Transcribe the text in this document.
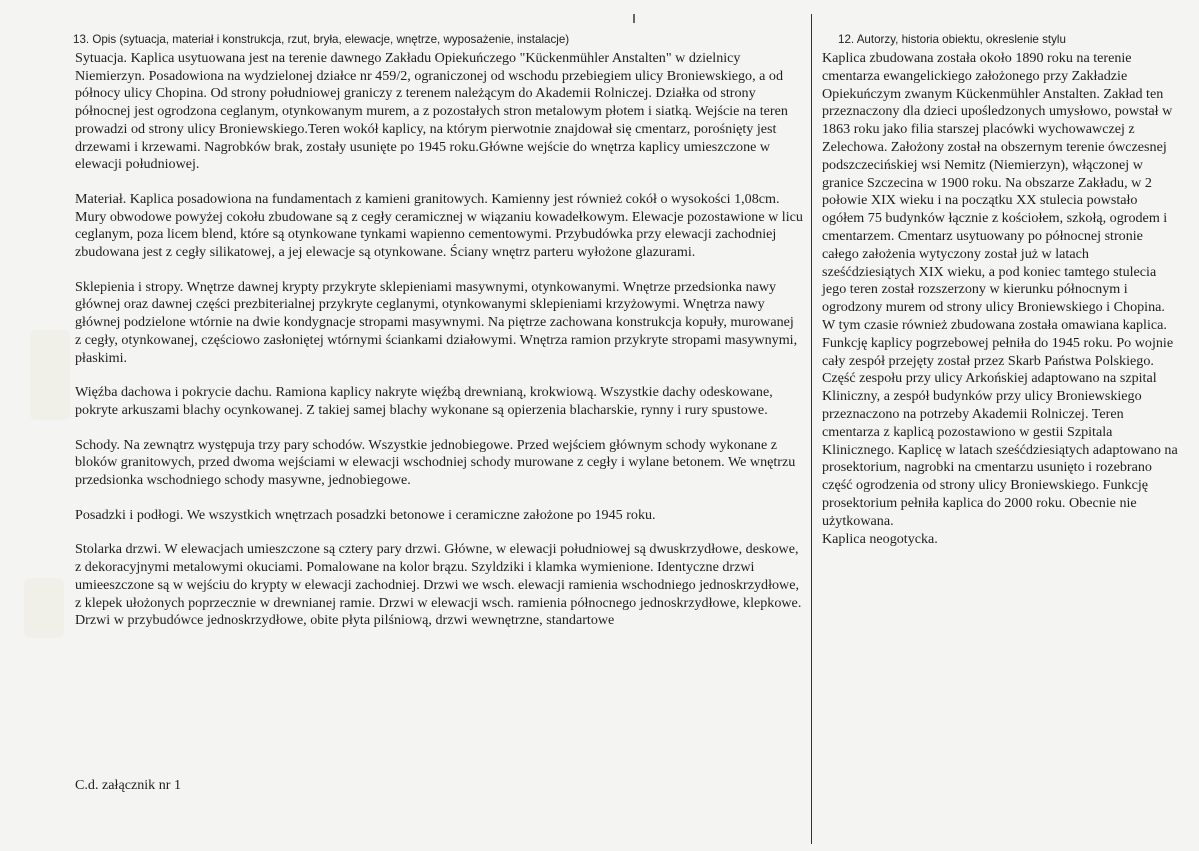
13. Opis (sytuacja, materiał i konstrukcja, rzut, bryła, elewacje, wnętrze, wyposażenie, instalacje)

Sytuacja. Kaplica usytuowana jest na terenie dawnego Zakładu Opiekuńczego "Kückenmühler Anstalten" w dzielnicy Niemierzyn. Posadowiona na wydzielonej działce nr 459/2, ograniczonej od wschodu przebiegiem ulicy Broniewskiego, a od północy ulicy Chopina. Od strony południowej graniczy z terenem należącym do Akademii Rolniczej. Działka od strony północnej jest ogrodzona ceglanym, otynkowanym murem, a z pozostałych stron metalowym płotem i siatką. Wejście na teren prowadzi od strony ulicy Broniewskiego.Teren wokół kaplicy, na którym pierwotnie znajdował się cmentarz, porośnięty jest drzewami i krzewami. Nagrobków brak, zostały usunięte po 1945 roku.Główne wejście do wnętrza kaplicy umieszczone w elewacji południowej.

Materiał. Kaplica posadowiona na fundamentach z kamieni granitowych. Kamienny jest również cokół o wysokości 1,08cm. Mury obwodowe powyżej cokołu zbudowane są z cegły ceramicznej w wiązaniu kowadełkowym. Elewacje pozostawione w licu ceglanym, poza licem blend, które są otynkowane tynkami wapienno cementowymi. Przybudówka przy elewacji zachodniej zbudowana jest z cegły silikatowej, a jej elewacje są otynkowane. Ściany wnętrz parteru wyłożone glazurami.

Sklepienia i stropy. Wnętrze dawnej krypty przykryte sklepieniami masywnymi, otynkowanymi. Wnętrze przedsionka nawy głównej oraz dawnej części prezbiterialnej przykryte ceglanymi, otynkowanymi sklepieniami krzyżowymi. Wnętrza nawy głównej podzielone wtórnie na dwie kondygnacje stropami masywnymi. Na piętrze zachowana konstrukcja kopuły, murowanej z cegły, otynkowanej, częściowo zasłoniętej wtórnymi ściankami działowymi. Wnętrza ramion przykryte stropami masywnymi, płaskimi.

Więźba dachowa i pokrycie dachu. Ramiona kaplicy nakryte więźbą drewnianą, krokwiową. Wszystkie dachy odeskowane, pokryte arkuszami blachy ocynkowanej. Z takiej samej blachy wykonane są opierzenia blacharskie, rynny i rury spustowe.

Schody. Na zewnątrz występuja trzy pary schodów. Wszystkie jednobiegowe. Przed wejściem głównym schody wykonane z bloków granitowych, przed dwoma wejściami w elewacji wschodniej schody murowane z cegły i wylane betonem. We wnętrzu przedsionka wschodniego schody masywne, jednobiegowe.

Posadzki i podłogi. We wszystkich wnętrzach posadzki betonowe i ceramiczne założone po 1945 roku.

Stolarka drzwi. W elewacjach umieszczone są cztery pary drzwi. Główne, w elewacji południowej są dwuskrzydłowe, deskowe, z dekoracyjnymi metalowymi okuciami. Pomalowane na kolor brązu. Szyldziki i klamka wymienione. Identyczne drzwi umieeszczone są w wejściu do krypty w elewacji zachodniej. Drzwi we wsch. elewacji ramienia wschodniego jednoskrzydłowe, z klepek ułożonych poprzecznie w drewnianej ramie. Drzwi w elewacji wsch. ramienia północnego jednoskrzydłowe, klepkowe. Drzwi w przybudówce jednoskrzydłowe, obite płyta pilśniową, drzwi wewnętrzne, standartowe

C.d. załącznik nr 1
12. Autorzy, historia obiektu, okreslenie stylu

Kaplica zbudowana została około 1890 roku na terenie cmentarza ewangelickiego założonego przy Zakładzie Opiekuńczym zwanym Kückenmühler Anstalten. Zakład ten przeznaczony dla dzieci upośledzonych umysłowo, powstał w 1863 roku jako filia starszej placówki wychowawczej z Zelechowa. Założony został na obszernym terenie ówczesnej podszczecińskiej wsi Nemitz (Niemierzyn), włączonej w granice Szczecina w 1900 roku. Na obszarze Zakładu, w 2 połowie XIX wieku i na początku XX stulecia powstało ogółem 75 budynków łącznie z kościołem, szkołą, ogrodem i cmentarzem. Cmentarz usytuowany po północnej stronie całego założenia wytyczony został już w latach sześćdziesiątych XIX wieku, a pod koniec tamtego stulecia jego teren został rozszerzony w kierunku północnym i ogrodzony murem od strony ulicy Broniewskiego i Chopina. W tym czasie również zbudowana została omawiana kaplica. Funkcję kaplicy pogrzebowej pełniła do 1945 roku. Po wojnie cały zespół przejęty został przez Skarb Państwa Polskiego. Część zespołu przy ulicy Arkońskiej adaptowano na szpital Kliniczny, a zespół budynków przy ulicy Broniewskiego przeznaczono na potrzeby Akademii Rolniczej. Teren cmentarza z kaplicą pozostawiono w gestii Szpitala Klinicznego. Kaplicę w latach sześćdziesiątych adaptowano na prosektorium, nagrobki na cmentarzu usunięto i rozebrano część ogrodzenia od strony ulicy Broniewskiego. Funkcję prosektorium pełniła kaplica do 2000 roku. Obecnie nie użytkowana.

Kaplica neogotycka.
